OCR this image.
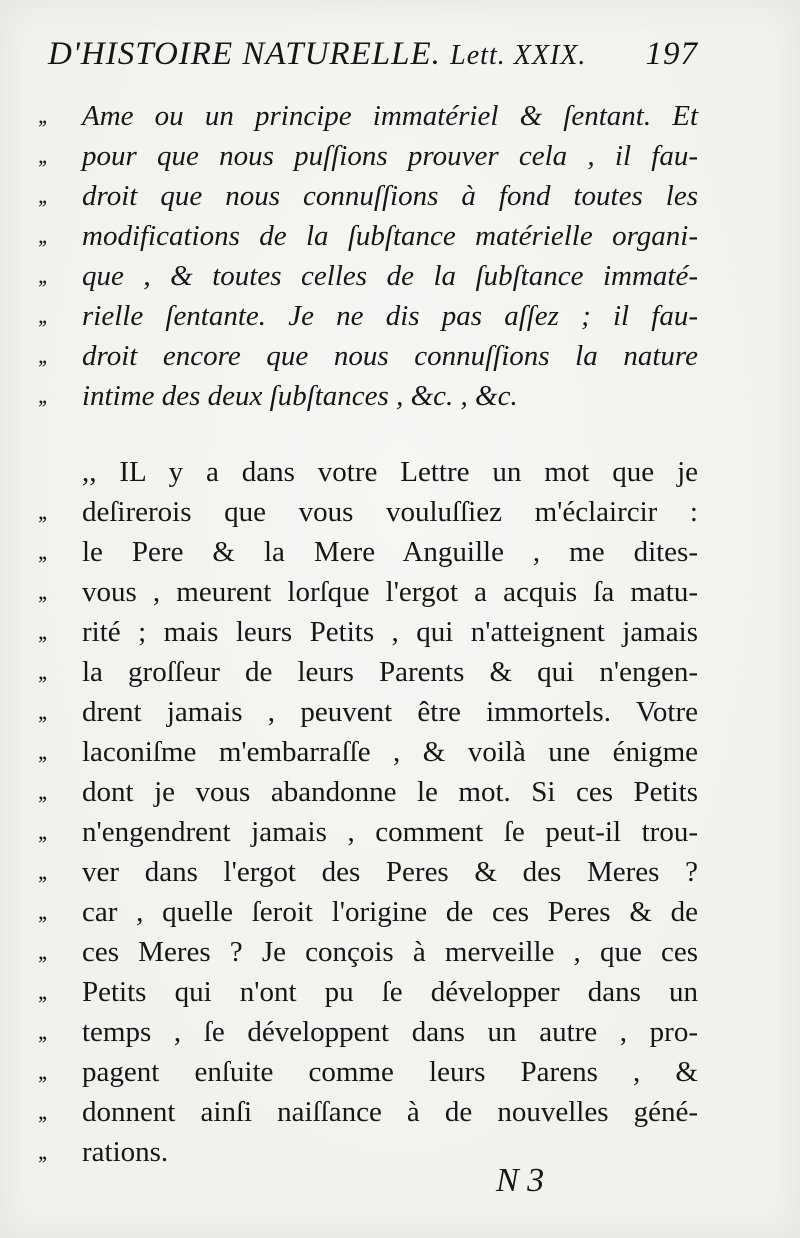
D'HISTOIRE NATURELLE. Lett. XXIX. 197
,,	Ame ou un principe immatériel & ſentant. Et
,,	pour que nous puſſions prouver cela , il fau-
,,	droit que nous connuſſions à fond toutes les
,,	modifications de la ſubſtance matérielle organi-
,,	que , & toutes celles de la ſubſtance immaté-
,,	rielle ſentante. Je ne dis pas aſſez ; il fau-
,,	droit encore que nous connuſſions la nature
,,	intime des deux ſubſtances , &c. , &c.
,, IL y a dans votre Lettre un mot que je
,,	deſirerois que vous vouluſſiez m'éclaircir :
,,	le Pere & la Mere Anguille , me dites-
,,	vous , meurent lorſque l'ergot a acquis ſa matu-
,,	rité ; mais leurs Petits , qui n'atteignent jamais
,,	la groſſeur de leurs Parents & qui n'engen-
,,	drent jamais , peuvent être immortels. Votre
,,	laconiſme m'embarraſſe , & voilà une énigme
,,	dont je vous abandonne le mot. Si ces Petits
,,	n'engendrent jamais , comment ſe peut-il trou-
,,	ver dans l'ergot des Peres & des Meres ?
,,	car , quelle ſeroit l'origine de ces Peres & de
,,	ces Meres ? Je conçois à merveille , que ces
,,	Petits qui n'ont pu ſe développer dans un
,,	temps , ſe développent dans un autre , pro-
,,	pagent enſuite comme leurs Parens , &
,,	donnent ainſi naiſſance à de nouvelles géné-
,,	rations.
N 3
